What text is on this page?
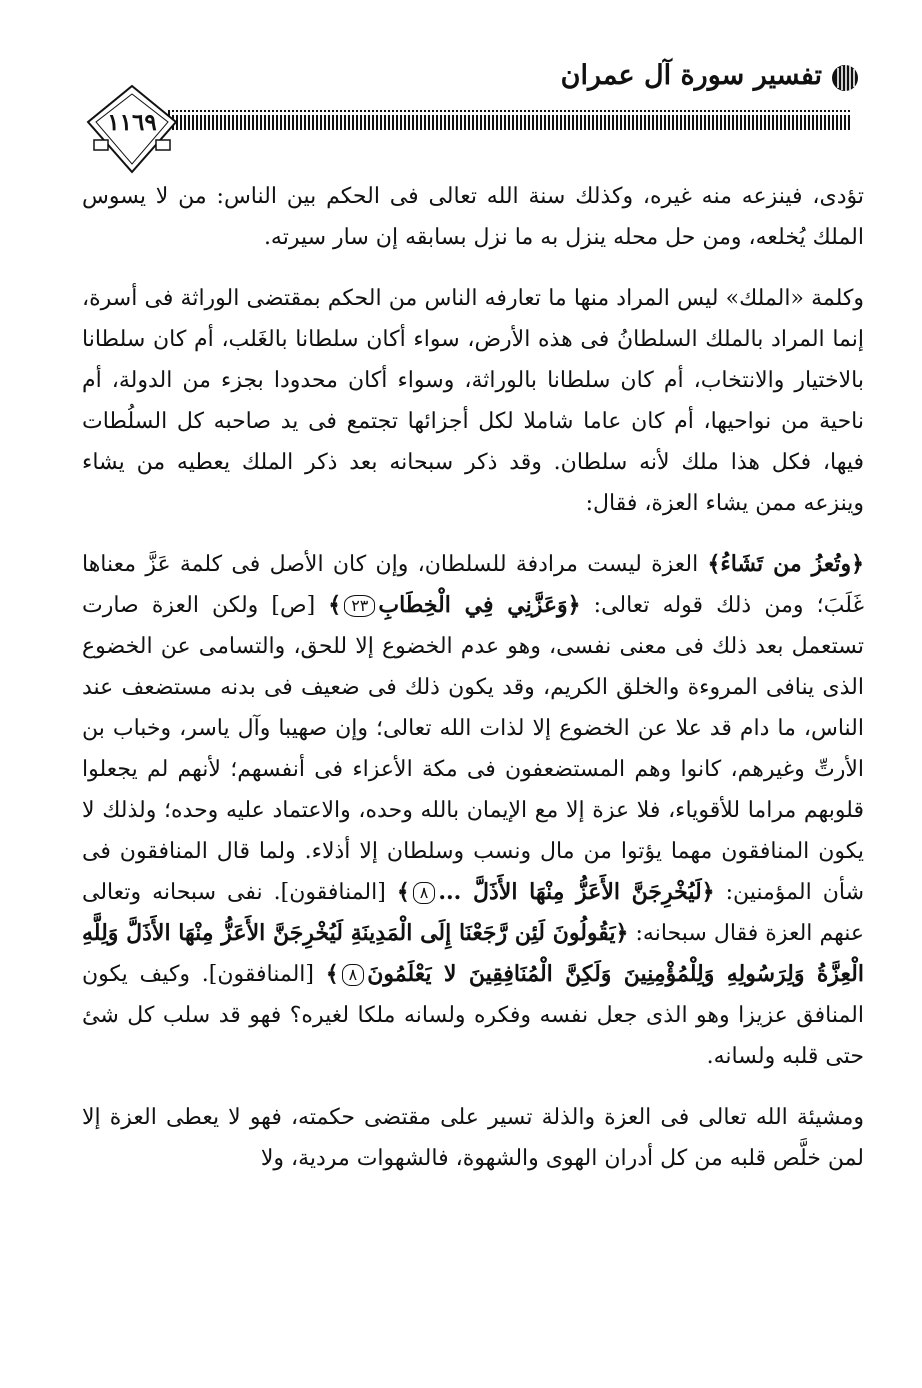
تفسير سورة آل عمران
١١٦٩

تؤدى، فينزعه منه غيره، وكذلك سنة الله تعالى فى الحكم بين الناس: من لا يسوس الملك يُخلعه، ومن حل محله ينزل به ما نزل بسابقه إن سار سيرته.

وكلمة «الملك» ليس المراد منها ما تعارفه الناس من الحكم بمقتضى الوراثة فى أسرة، إنما المراد بالملك السلطانُ فى هذه الأرض، سواء أكان سلطانا بالغَلب، أم كان سلطانا بالاختيار والانتخاب، أم كان سلطانا بالوراثة، وسواء أكان محدودا بجزء من الدولة، أم ناحية من نواحيها، أم كان عاما شاملا لكل أجزائها تجتمع فى يد صاحبه كل السلُطات فيها، فكل هذا ملك لأنه سلطان. وقد ذكر سبحانه بعد ذكر الملك يعطيه من يشاء وينزعه ممن يشاء العزة، فقال:

﴿وتُعزُ من تَشَاءُ﴾ العزة ليست مرادفة للسلطان، وإن كان الأصل فى كلمة عَزَّ معناها غَلَبَ؛ ومن ذلك قوله تعالى: ﴿وَعَزَّنِي فِي الْخِطَابِ٢٣﴾ [ص] ولكن العزة صارت تستعمل بعد ذلك فى معنى نفسى، وهو عدم الخضوع إلا للحق، والتسامى عن الخضوع الذى ينافى المروءة والخلق الكريم، وقد يكون ذلك فى ضعيف فى بدنه مستضعف عند الناس، ما دام قد علا عن الخضوع إلا لذات الله تعالى؛ وإن صهيبا وآل ياسر، وخباب بن الأرتِّ وغيرهم، كانوا وهم المستضعفون فى مكة الأعزاء فى أنفسهم؛ لأنهم لم يجعلوا قلوبهم مراما للأقوياء، فلا عزة إلا مع الإيمان بالله وحده، والاعتماد عليه وحده؛ ولذلك لا يكون المنافقون مهما يؤتوا من مال ونسب وسلطان إلا أذلاء. ولما قال المنافقون فى شأن المؤمنين: ﴿لَيُخْرِجَنَّ الأَعَزُّ مِنْهَا الأَذَلَّ ...٨﴾ [المنافقون]. نفى سبحانه وتعالى عنهم العزة فقال سبحانه: ﴿يَقُولُونَ لَئِن رَّجَعْنَا إِلَى الْمَدِينَةِ لَيُخْرِجَنَّ الأَعَزُّ مِنْهَا الأَذَلَّ وَلِلَّهِ الْعِزَّةُ وَلِرَسُولِهِ وَلِلْمُؤْمِنِينَ وَلَكِنَّ الْمُنَافِقِينَ لا يَعْلَمُونَ٨﴾ [المنافقون]. وكيف يكون المنافق عزيزا وهو الذى جعل نفسه وفكره ولسانه ملكا لغيره؟ فهو قد سلب كل شئ حتى قلبه ولسانه.

ومشيئة الله تعالى فى العزة والذلة تسير على مقتضى حكمته، فهو لا يعطى العزة إلا لمن خلَّص قلبه من كل أدران الهوى والشهوة، فالشهوات مردية، ولا
